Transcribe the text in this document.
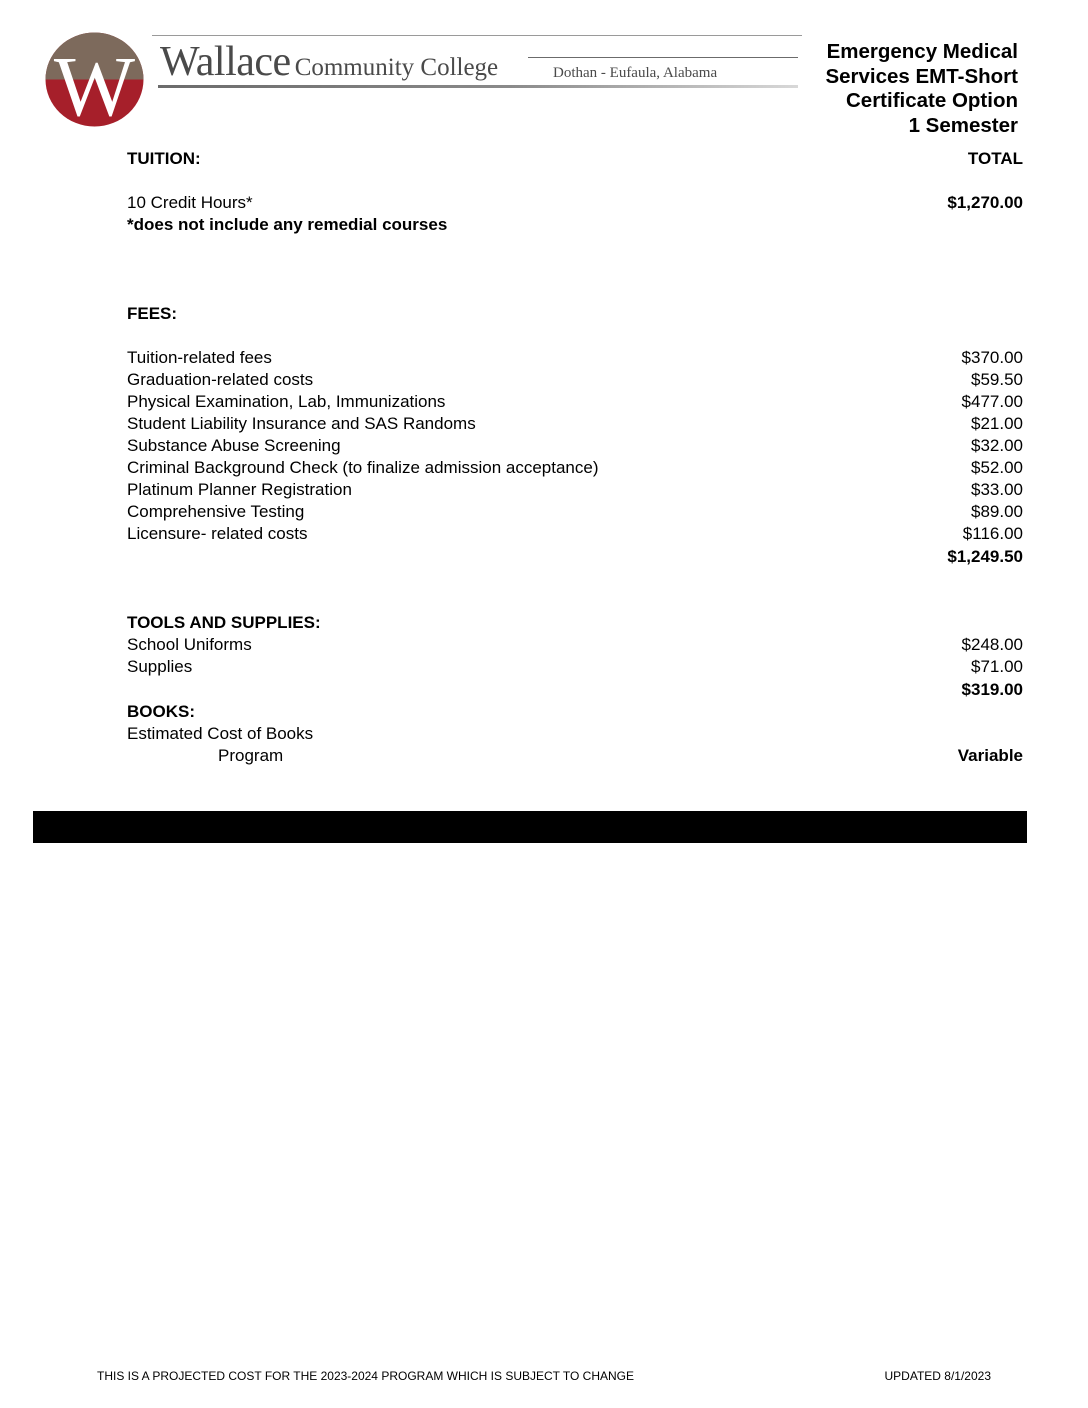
W Wallace Community College	Dothan - Eufaula, Alabama
Emergency Medical
Services EMT-Short
Certificate Option
1 Semester
TUITION:	TOTAL
10 Credit Hours*	$1,270.00
*does not include any remedial courses
FEES:
Tuition-related fees	$370.00
Graduation-related costs	$59.50
Physical Examination, Lab, Immunizations	$477.00
Student Liability Insurance and SAS Randoms	$21.00
Substance Abuse Screening	$32.00
Criminal Background Check (to finalize admission acceptance)	$52.00
Platinum Planner Registration	$33.00
Comprehensive Testing	$89.00
Licensure- related costs	$116.00
$1,249.50
TOOLS AND SUPPLIES:
School Uniforms	$248.00
Supplies	$71.00
$319.00
BOOKS:
Estimated Cost of Books
Program	Variable
THIS IS A PROJECTED COST FOR THE 2023-2024 PROGRAM WHICH IS SUBJECT TO CHANGE	UPDATED 8/1/2023
